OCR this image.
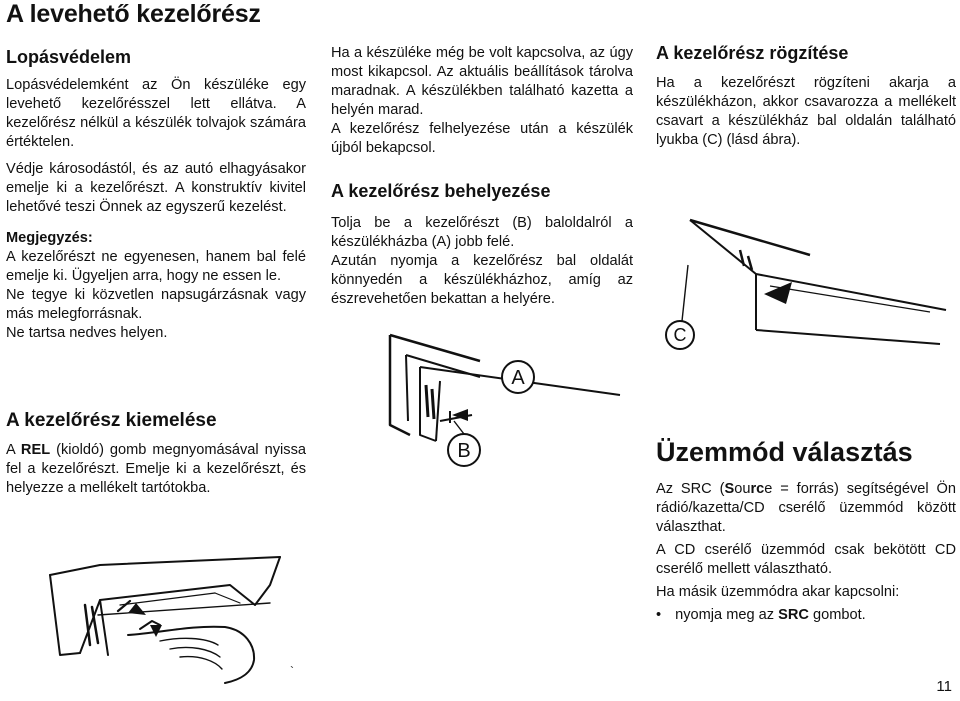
A levehető kezelőrész
Lopásvédelem

Lopásvédelemként az Ön készüléke egy levehető kezelőrésszel lett ellátva. A kezelőrész nélkül a készülék tolvajok számára értéktelen.

Védje károsodástól, és az autó elhagyásakor emelje ki a kezelőrészt. A konstruktív kivitel lehetővé teszi Önnek az egyszerű kezelést.

Megjegyzés:

A kezelőrészt ne egyenesen, hanem bal felé emelje ki. Ügyeljen arra, hogy ne essen le.

Ne tegye ki közvetlen napsugárzásnak vagy más melegforrásnak.

Ne tartsa nedves helyen.

A kezelőrész kiemelése

A REL (kioldó) gomb megnyomásával nyissa fel a kezelőrészt. Emelje ki a kezelőrészt, és helyezze a mellékelt tartótokba.

Ha a készüléke még be volt kapcsolva, az úgy most kikapcsol. Az aktuális beállítások tárolva maradnak. A készülékben található kazetta a helyén marad.

A kezelőrész felhelyezése után a készülék újból bekapcsol.

A kezelőrész behelyezése

Tolja be a kezelőrészt (B) baloldalról a készülékházba (A) jobb felé.

Azután nyomja a kezelőrész bal oldalát könnyedén a készülékházhoz, amíg az észrevehetően bekattan a helyére.

A
B
A kezelőrész rögzítése

Ha a kezelőrészt rögzíteni akarja a készülékházon, akkor csavarozza a mellékelt csavart a készülékház bal oldalán található lyukba (C) (lásd ábra).

C
Üzemmód választás

Az SRC (Source = forrás) segítségével Ön rádió/kazetta/CD cserélő üzemmód között választhat.

A CD cserélő üzemmód csak bekötött CD cserélő mellett választható.

Ha másik üzemmódra akar kapcsolni:

• nyomja meg az SRC gombot.
`
11
